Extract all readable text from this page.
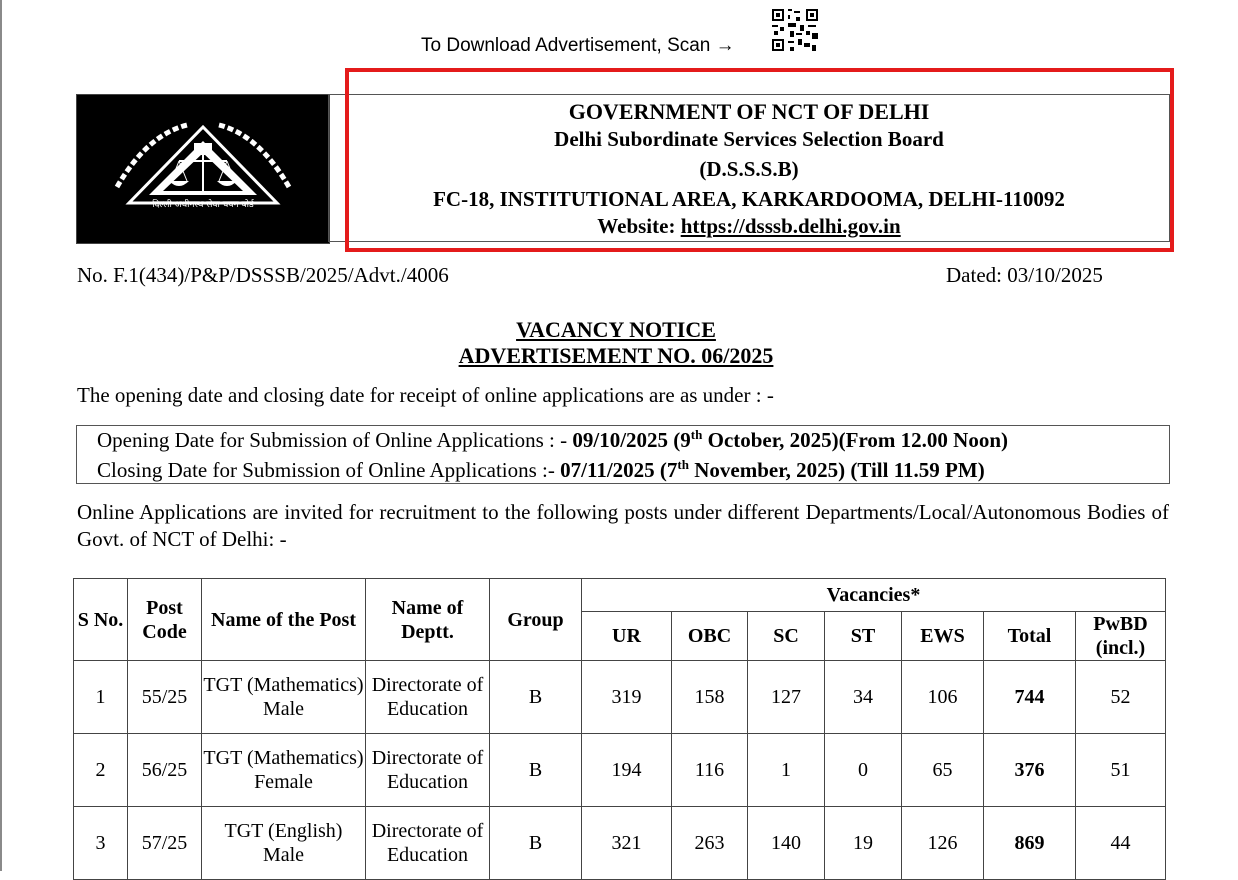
To Download Advertisement, Scan →
दिल्ली अधीनस्थ सेवा चयन बोर्ड
GOVERNMENT OF NCT OF DELHI
Delhi Subordinate Services Selection Board
(D.S.S.S.B)
FC-18, INSTITUTIONAL AREA, KARKARDOOMA, DELHI-110092
Website: https://dsssb.delhi.gov.in
No. F.1(434)/P&P/DSSSB/2025/Advt./4006	Dated: 03/10/2025
VACANCY NOTICE
ADVERTISEMENT NO. 06/2025
The opening date and closing date for receipt of online applications are as under : -
Opening Date for Submission of Online Applications : - 09/10/2025 (9th October, 2025)(From 12.00 Noon)
Closing Date for Submission of Online Applications :- 07/11/2025 (7th November, 2025) (Till 11.59 PM)
Online Applications are invited for recruitment to the following posts under different Departments/Local/Autonomous Bodies of Govt. of NCT of Delhi: -
S No.	Post Code	Name of the Post	Name of Deptt.	Group	Vacancies*						
					UR	OBC	SC	ST	EWS	Total	PwBD (incl.)
1	55/25	TGT (Mathematics) Male	Directorate of Education	B	319	158	127	34	106	744	52
2	56/25	TGT (Mathematics) Female	Directorate of Education	B	194	116	1	0	65	376	51
3	57/25	TGT (English) Male	Directorate of Education	B	321	263	140	19	126	869	44
